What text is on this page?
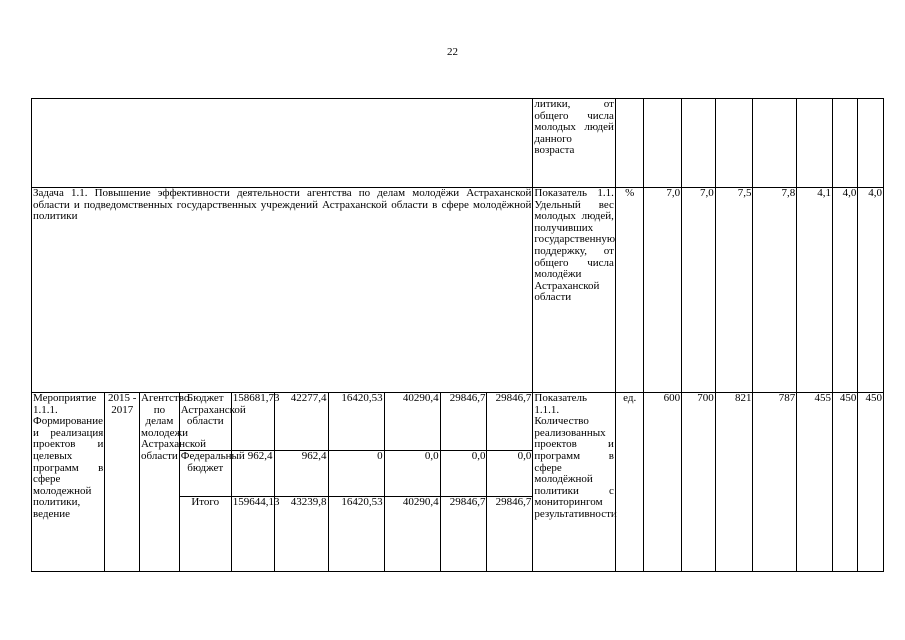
22
										литики, от общего числа молодых людей данного возраста								
Задача 1.1. Повышение эффективности деятельности агентства по делам молодёжи Астраханской области и подведомственных государственных учреждений Астраханской области в сфере молодёжной политики										Показатель 1.1. Удельный вес молодых людей, получивших государственную поддержку, от общего числа молодёжи Астраханской области	%	7,0	7,0	7,5	7,8	4,1	4,0	4,0
Мероприятие 1.1.1. Формирование и реализация проектов и целевых программ в сфере молодежной политики, ведение	2015 - 2017	Агентство по делам молодежи Астраханской области	Бюджет Астраханской области	158681,73	42277,4	16420,53	40290,4	29846,7	29846,7	Показатель 1.1.1. Количество реализованных проектов и программ в сфере молодёжной политики с мониторингом результативности	ед.	600	700	821	787	455	450	450
			Федеральный бюджет	962,4	962,4	0	0,0	0,0	0,0									
			Итого	159644,13	43239,8	16420,53	40290,4	29846,7	29846,7									
